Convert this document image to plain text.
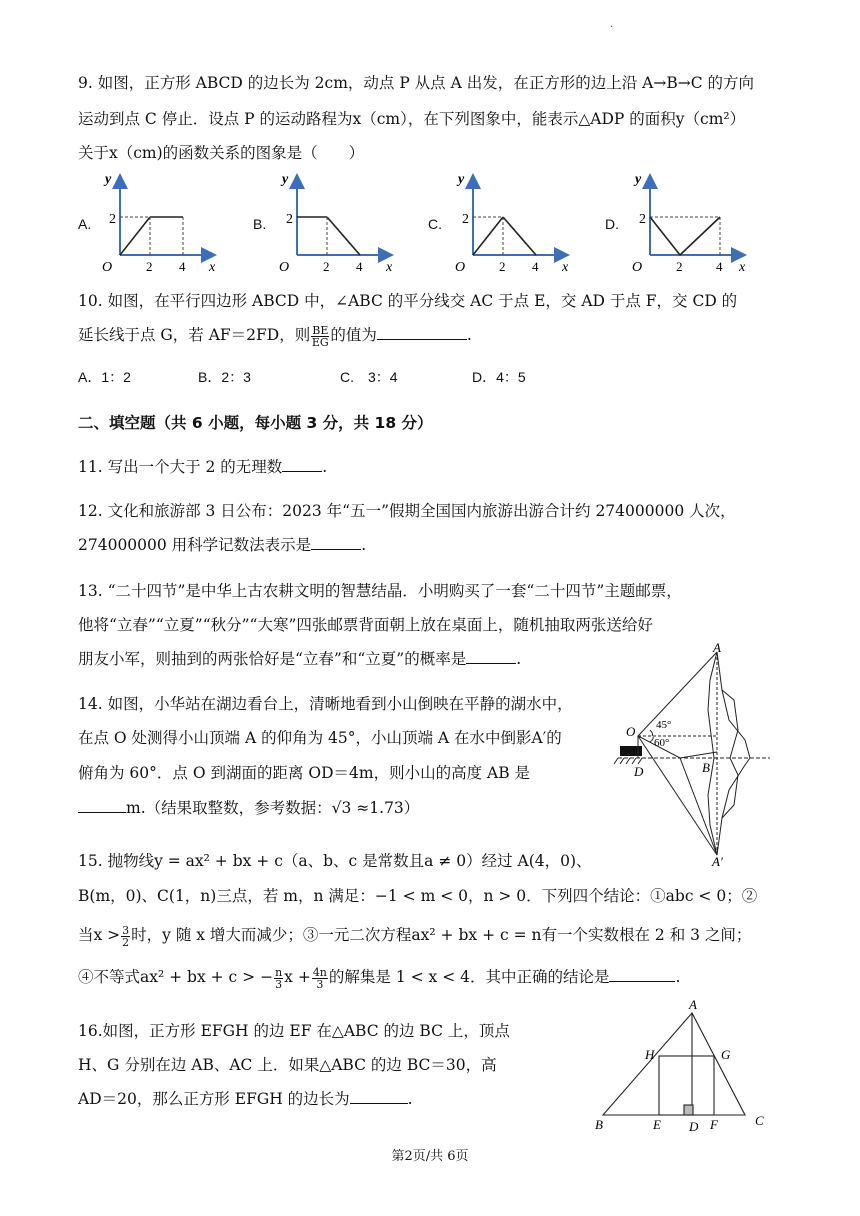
·
9. 如图，正方形 ABCD 的边长为 2cm，动点 P 从点 A 出发，在正方形的边上沿 A→B→C 的方向
运动到点 C 停止．设点 P 的运动路程为x（cm），在下列图象中，能表示△ADP 的面积y（cm²）
关于x（cm)的函数关系的图象是（　　）
A.	B.	C.	D.
y
2
O	2 4 x
y
2
O	2 4 x
y
2
O	2 4 x
y
2
O	2	4 x
10. 如图，在平行四边形 ABCD 中，∠ABC 的平分线交 AC 于点 E，交 AD 于点 F，交 CD 的
延长线于点 G，若 AF＝2FD，则 $\frac{BE}{EG}$ 的值为	.
A．1：2	B．2：3	C.　3：4	D．4：5
二、填空题（共 6 小题，每小题 3 分，共 18 分）
11. 写出一个大于 2 的无理数	.
12. 文化和旅游部 3 日公布：2023 年“五一”假期全国国内旅游出游合计约 274000000 人次，
274000000 用科学记数法表示是	.
13. “二十四节”是中华上古农耕文明的智慧结晶．小明购买了一套“二十四节”主题邮票，
他将“立春”“立夏”“秋分”“大寒”四张邮票背面朝上放在桌面上，随机抽取两张送给好
朋友小军，则抽到的两张恰好是“立春”和“立夏”的概率是	.
14. 如图，小华站在湖边看台上，清晰地看到小山倒映在平静的湖水中，
在点 O 处测得小山顶端 A 的仰角为 45°，小山顶端 A 在水中倒影A′的
俯角为 60°．点 O 到湖面的距离 OD＝4m，则小山的高度 AB 是
m.（结果取整数，参考数据：√3 ≈1.73）
A
A′
O
D	B
45°
60°
15. 抛物线y = ax² + bx + c（a、b、c 是常数且a ≠ 0）经过 A(4，0)、
B(m，0)、C(1，n)三点，若 m，n 满足：−1 < m < 0，n > 0．下列四个结论：①abc < 0；②
当$x > \frac{3}{2}$ 时，y 随 x 增大而减少；③一元二次方程ax² + bx + c = n有一个实数根在 2 和 3 之间；
④不等式ax² + bx + c > − $\frac{n}{3}$ $x + \frac{4n}{3}$ 的解集是 1 < x < 4．其中正确的结论是	.
16.如图，正方形 EFGH 的边 EF 在△ABC 的边 BC 上，顶点
H、G 分别在边 AB、AC 上．如果△ABC 的边 BC＝30，高
AD＝20，那么正方形 EFGH 的边长为	.
A
B	C
D
E	F
G
H
第2页/共 6页
